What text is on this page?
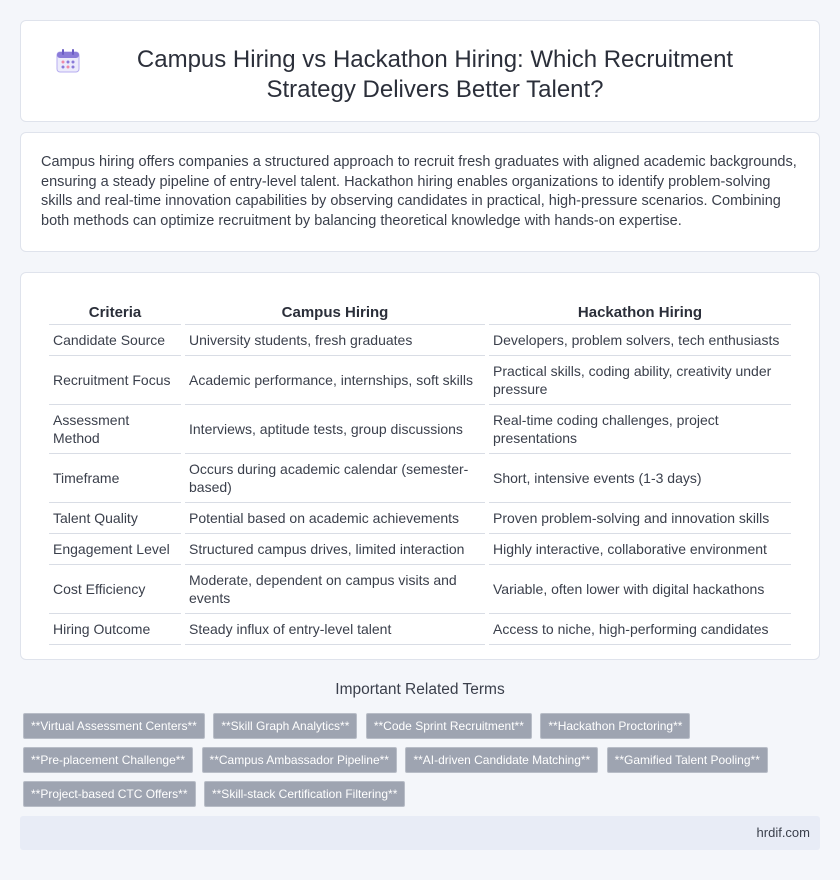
Campus Hiring vs Hackathon Hiring: Which Recruitment Strategy Delivers Better Talent?

Campus hiring offers companies a structured approach to recruit fresh graduates with aligned academic backgrounds, ensuring a steady pipeline of entry-level talent. Hackathon hiring enables organizations to identify problem-solving skills and real-time innovation capabilities by observing candidates in practical, high-pressure scenarios. Combining both methods can optimize recruitment by balancing theoretical knowledge with hands-on expertise.

Criteria	Campus Hiring	Hackathon Hiring
Candidate Source	University students, fresh graduates	Developers, problem solvers, tech enthusiasts
Recruitment Focus	Academic performance, internships, soft skills	Practical skills, coding ability, creativity under pressure
Assessment Method	Interviews, aptitude tests, group discussions	Real-time coding challenges, project presentations
Timeframe	Occurs during academic calendar (semester-based)	Short, intensive events (1-3 days)
Talent Quality	Potential based on academic achievements	Proven problem-solving and innovation skills
Engagement Level	Structured campus drives, limited interaction	Highly interactive, collaborative environment
Cost Efficiency	Moderate, dependent on campus visits and events	Variable, often lower with digital hackathons
Hiring Outcome	Steady influx of entry-level talent	Access to niche, high-performing candidates
Important Related Terms
**Virtual Assessment Centers** **Skill Graph Analytics** **Code Sprint Recruitment** **Hackathon Proctoring** **Pre-placement Challenge** **Campus Ambassador Pipeline** **AI-driven Candidate Matching** **Gamified Talent Pooling** **Project-based CTC Offers** **Skill-stack Certification Filtering**
hrdif.com
